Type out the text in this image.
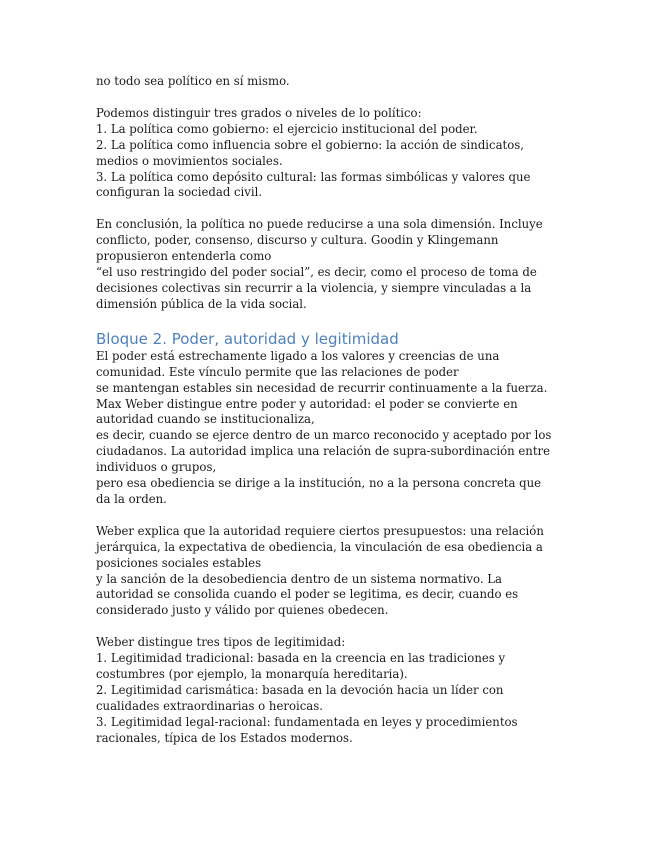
no todo sea político en sí mismo.

Podemos distinguir tres grados o niveles de lo político:

1. La política como gobierno: el ejercicio institucional del poder.
2. La política como influencia sobre el gobierno: la acción de sindicatos,
medios o movimientos sociales.
3. La política como depósito cultural: las formas simbólicas y valores que
configuran la sociedad civil.

En conclusión, la política no puede reducirse a una sola dimensión. Incluye
conflicto, poder, consenso, discurso y cultura. Goodin y Klingemann
propusieron entenderla como
“el uso restringido del poder social”, es decir, como el proceso de toma de
decisiones colectivas sin recurrir a la violencia, y siempre vinculadas a la
dimensión pública de la vida social.

Bloque 2. Poder, autoridad y legitimidad

El poder está estrechamente ligado a los valores y creencias de una
comunidad. Este vínculo permite que las relaciones de poder
se mantengan estables sin necesidad de recurrir continuamente a la fuerza.
Max Weber distingue entre poder y autoridad: el poder se convierte en
autoridad cuando se institucionaliza,
es decir, cuando se ejerce dentro de un marco reconocido y aceptado por los
ciudadanos. La autoridad implica una relación de supra-subordinación entre
individuos o grupos,
pero esa obediencia se dirige a la institución, no a la persona concreta que
da la orden.

Weber explica que la autoridad requiere ciertos presupuestos: una relación
jerárquica, la expectativa de obediencia, la vinculación de esa obediencia a
posiciones sociales estables
y la sanción de la desobediencia dentro de un sistema normativo. La
autoridad se consolida cuando el poder se legitima, es decir, cuando es
considerado justo y válido por quienes obedecen.

Weber distingue tres tipos de legitimidad:

1. Legitimidad tradicional: basada en la creencia en las tradiciones y
costumbres (por ejemplo, la monarquía hereditaria).
2. Legitimidad carismática: basada en la devoción hacia un líder con
cualidades extraordinarias o heroicas.
3. Legitimidad legal-racional: fundamentada en leyes y procedimientos
racionales, típica de los Estados modernos.
